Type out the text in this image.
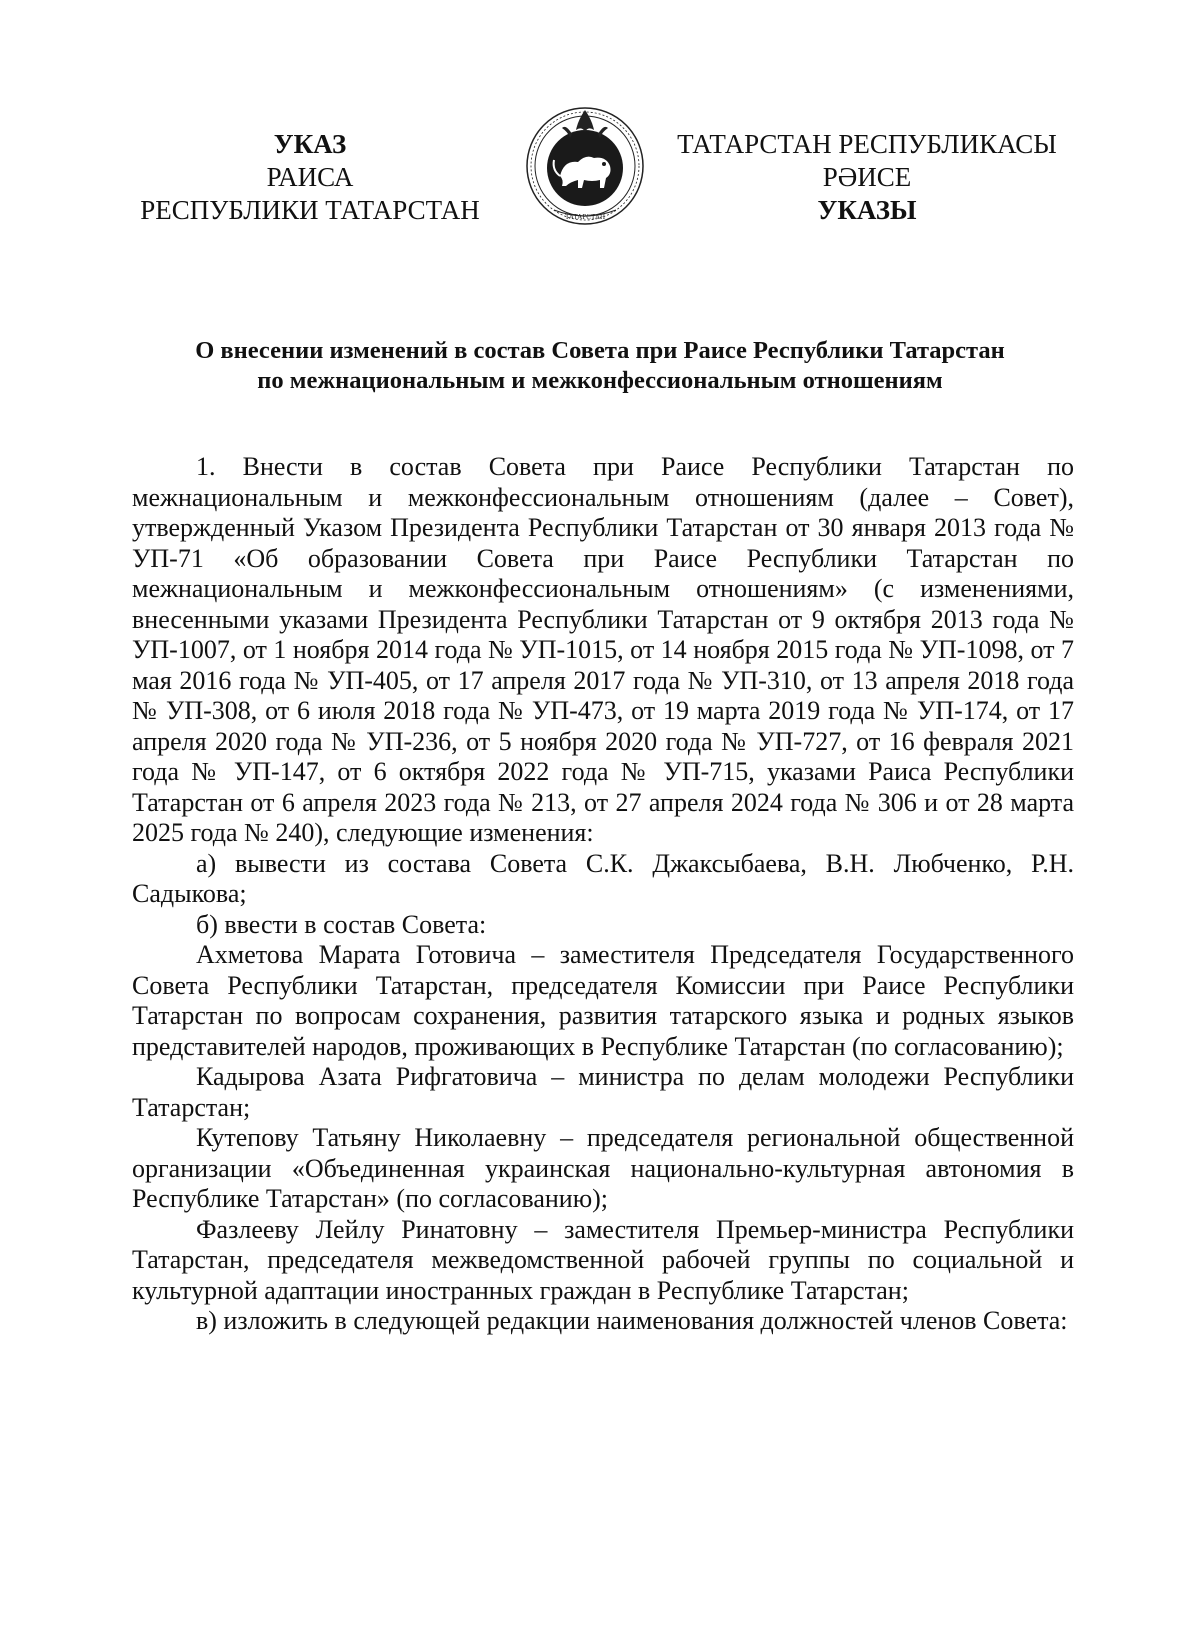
УКАЗ
РАИСА
РЕСПУБЛИКИ ТАТАРСТАН	ТАТАРСТАН
ТАТАРСТАН РЕСПУБЛИКАСЫ
РӘИСЕ
УКАЗЫ
О внесении изменений в состав Совета при Раисе Республики Татарстан
по межнациональным и межконфессиональным отношениям

1. Внести в состав Совета при Раисе Республики Татарстан по межнациональным и межконфессиональным отношениям (далее – Совет), утвержденный Указом Президента Республики Татарстан от 30 января 2013 года № УП-71 «Об образовании Совета при Раисе Республики Татарстан по межнациональным и межконфессиональным отношениям» (с изменениями, внесенными указами Президента Республики Татарстан от 9 октября 2013 года № УП-1007, от 1 ноября 2014 года № УП-1015, от 14 ноября 2015 года № УП-1098, от 7 мая 2016 года № УП-405, от 17 апреля 2017 года № УП-310, от 13 апреля 2018 года № УП-308, от 6 июля 2018 года № УП-473, от 19 марта 2019 года № УП-174, от 17 апреля 2020 года № УП-236, от 5 ноября 2020 года № УП-727, от 16 февраля 2021 года № УП-147, от 6 октября 2022 года № УП-715, указами Раиса Республики Татарстан от 6 апреля 2023 года № 213, от 27 апреля 2024 года № 306 и от 28 марта 2025 года № 240), следующие изменения:

а) вывести из состава Совета С.К. Джаксыбаева, В.Н. Любченко, Р.Н. Садыкова;

б) ввести в состав Совета:

Ахметова Марата Готовича – заместителя Председателя Государственного Совета Республики Татарстан, председателя Комиссии при Раисе Республики Татарстан по вопросам сохранения, развития татарского языка и родных языков представителей народов, проживающих в Республике Татарстан (по согласованию);

Кадырова Азата Рифгатовича – министра по делам молодежи Республики Татарстан;

Кутепову Татьяну Николаевну – председателя региональной общественной организации «Объединенная украинская национально-культурная автономия в Республике Татарстан» (по согласованию);

Фазлееву Лейлу Ринатовну – заместителя Премьер-министра Республики Татарстан, председателя межведомственной рабочей группы по социальной и культурной адаптации иностранных граждан в Республике Татарстан;

в) изложить в следующей редакции наименования должностей членов Совета:
